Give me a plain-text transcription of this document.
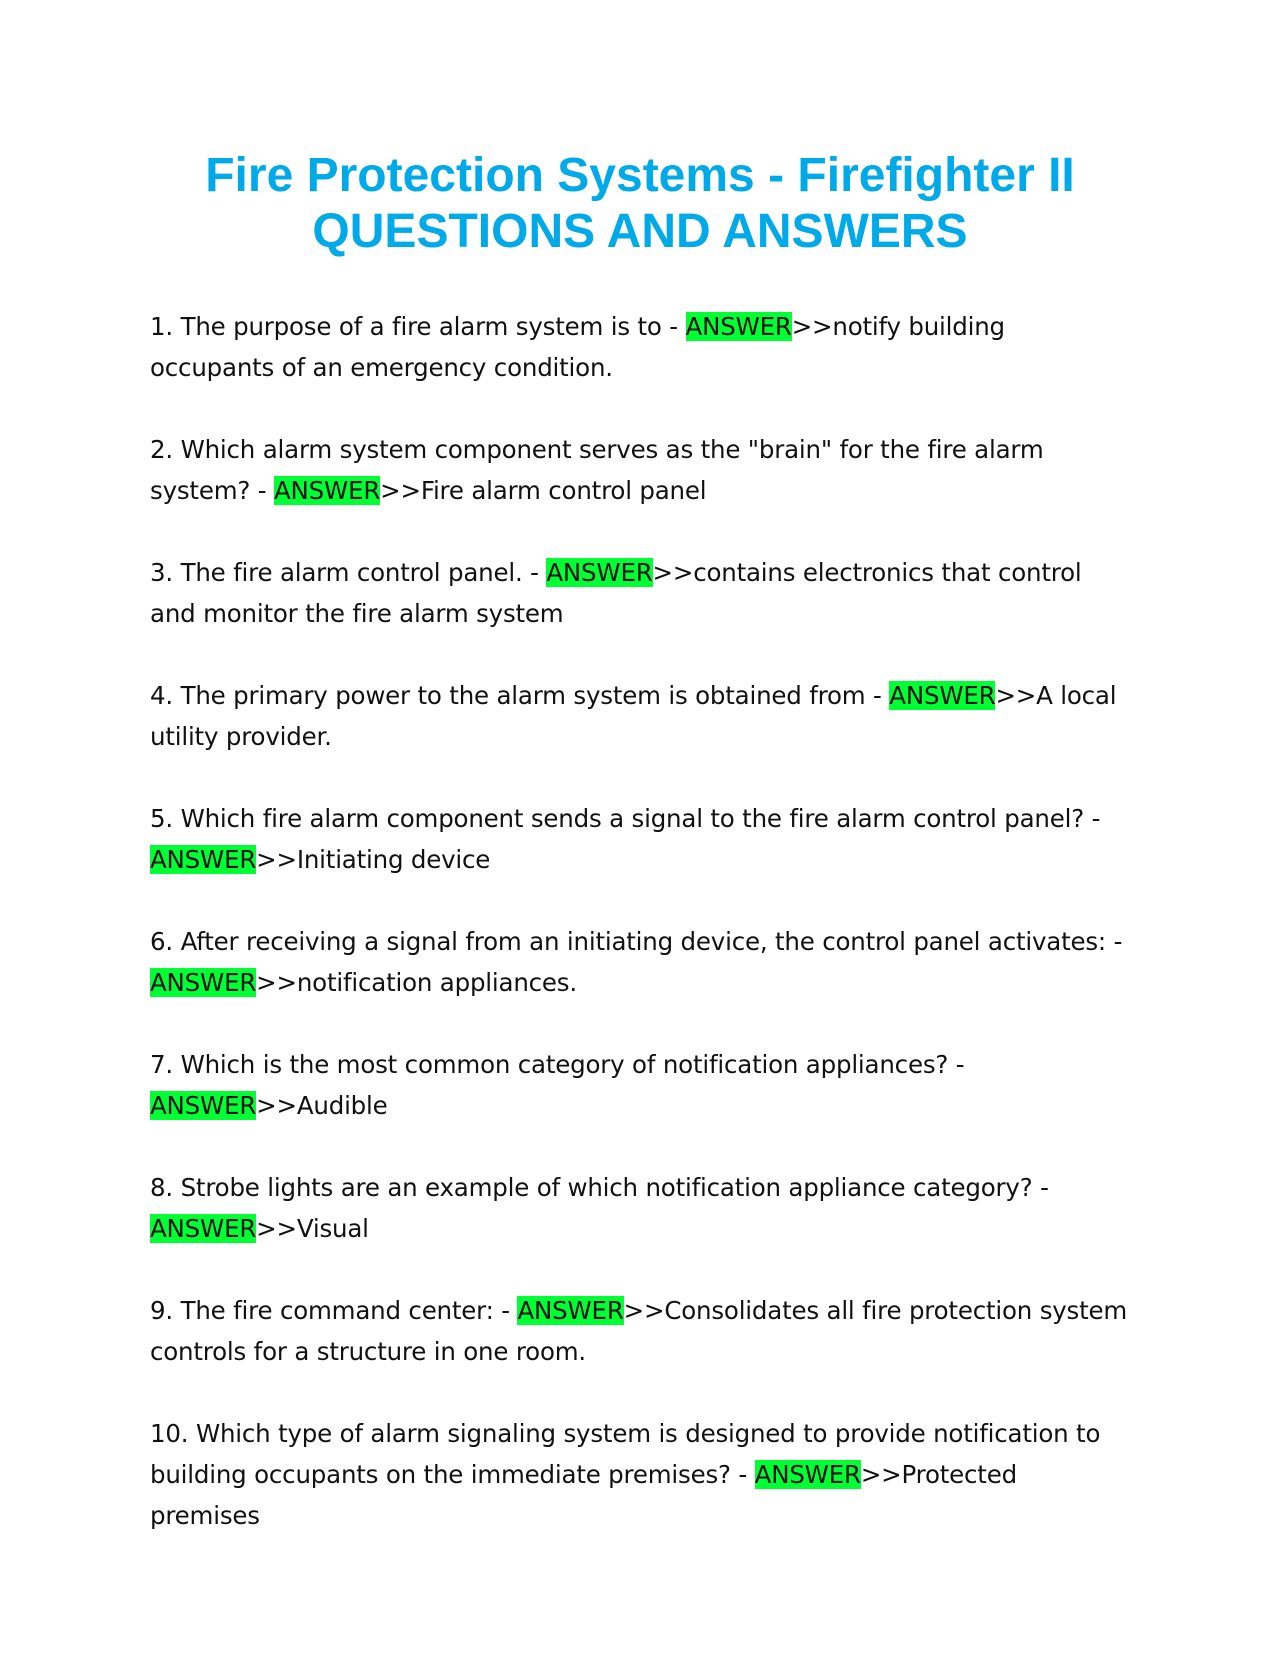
Fire Protection Systems - Firefighter II
QUESTIONS AND ANSWERS
1. The purpose of a fire alarm system is to - ANSWER>>notify building occupants of an emergency condition.
2. Which alarm system component serves as the "brain" for the fire alarm system? - ANSWER>>Fire alarm control panel
3. The fire alarm control panel. - ANSWER>>contains electronics that control and monitor the fire alarm system
4. The primary power to the alarm system is obtained from - ANSWER>>A local utility provider.
5. Which fire alarm component sends a signal to the fire alarm control panel? - ANSWER>>Initiating device
6. After receiving a signal from an initiating device, the control panel activates: - ANSWER>>notification appliances.
7. Which is the most common category of notification appliances? - ANSWER>>Audible
8. Strobe lights are an example of which notification appliance category? - ANSWER>>Visual
9. The fire command center: - ANSWER>>Consolidates all fire protection system controls for a structure in one room.
10. Which type of alarm signaling system is designed to provide notification to building occupants on the immediate premises? - ANSWER>>Protected premises
